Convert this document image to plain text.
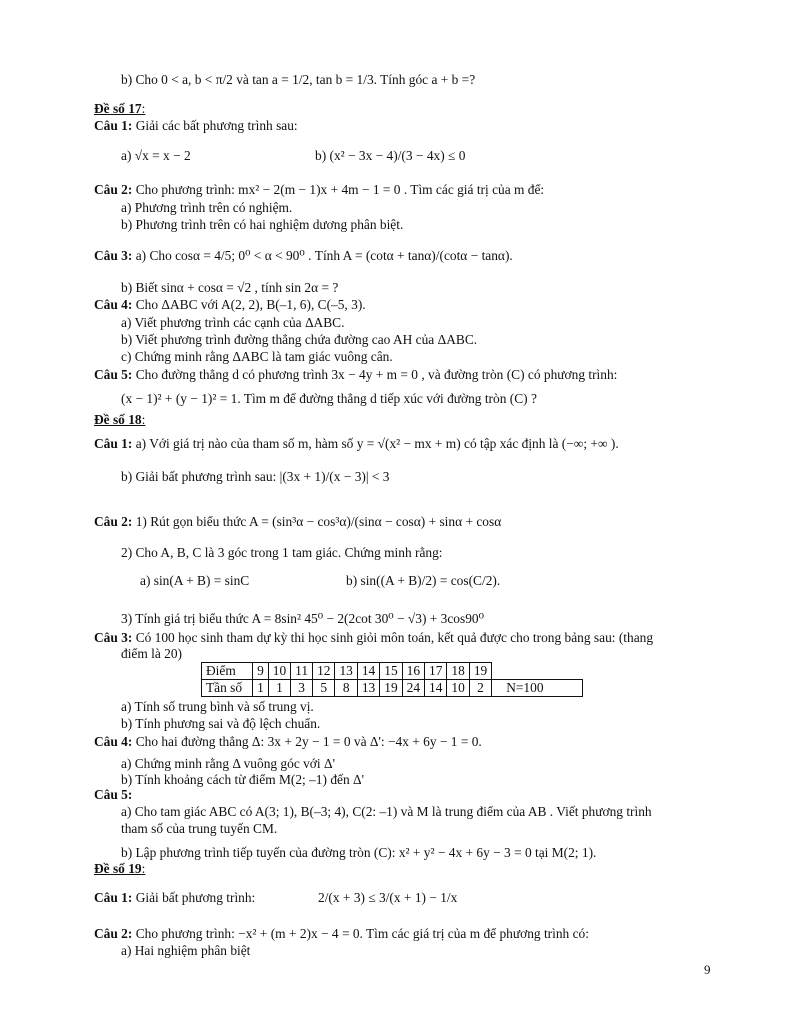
b) Cho 0 < a, b < π/2 và tan a = 1/2, tan b = 1/3. Tính góc a + b =?
Đề số 17:
Câu 1: Giải các bất phương trình sau:
a) √x = x − 2	b) (x² − 3x − 4)/(3 − 4x) ≤ 0
Câu 2: Cho phương trình: mx² − 2(m − 1)x + 4m − 1 = 0 . Tìm các giá trị của m để:
a) Phương trình trên có nghiệm.
b) Phương trình trên có hai nghiệm dương phân biệt.
Câu 3: a) Cho cosα = 4/5; 0⁰ < α < 90⁰ . Tính A = (cotα + tanα)/(cotα − tanα).
b) Biết sinα + cosα = √2 , tính sin 2α = ?
Câu 4: Cho ΔABC với A(2, 2), B(–1, 6), C(–5, 3).
a) Viết phương trình các cạnh của ΔABC.
b) Viết phương trình đường thẳng chứa đường cao AH của ΔABC.
c) Chứng minh rằng ΔABC là tam giác vuông cân.
Câu 5: Cho đường thẳng d có phương trình 3x − 4y + m = 0 , và đường tròn (C) có phương trình:
(x − 1)² + (y − 1)² = 1. Tìm m để đường thẳng d tiếp xúc với đường tròn (C) ?
Đề số 18:
Câu 1: a) Với giá trị nào của tham số m, hàm số y = √(x² − mx + m) có tập xác định là (−∞; +∞ ).
b) Giải bất phương trình sau: |(3x + 1)/(x − 3)| < 3
Câu 2: 1) Rút gọn biểu thức A = (sin³α − cos³α)/(sinα − cosα) + sinα + cosα
2) Cho A, B, C là 3 góc trong 1 tam giác. Chứng minh rằng:
a) sin(A + B) = sinC	b) sin((A + B)/2) = cos(C/2).
3) Tính giá trị biểu thức A = 8sin² 45⁰ − 2(2cot 30⁰ − √3) + 3cos90⁰
Câu 3: Có 100 học sinh tham dự kỳ thi học sinh giỏi môn toán, kết quả được cho trong bảng sau: (thang
điểm là 20)
Điểm	9	10	11	12	13	14	15	16	17	18	19	
Tần số	1	1	3	5	8	13	19	24	14	10	2	N=100
a) Tính số trung bình và số trung vị.
b) Tính phương sai và độ lệch chuẩn.
Câu 4: Cho hai đường thẳng Δ: 3x + 2y − 1 = 0 và Δ': −4x + 6y − 1 = 0.
a) Chứng minh rằng Δ vuông góc với Δ'
b) Tính khoảng cách từ điểm M(2; –1) đến Δ'
Câu 5:
a) Cho tam giác ABC có A(3; 1), B(–3; 4), C(2: –1) và M là trung điểm của AB . Viết phương trình
tham số của trung tuyến CM.
b) Lập phương trình tiếp tuyến của đường tròn (C): x² + y² − 4x + 6y − 3 = 0 tại M(2; 1).
Đề số 19:
Câu 1: Giải bất phương trình:	2/(x + 3) ≤ 3/(x + 1) − 1/x
Câu 2: Cho phương trình: −x² + (m + 2)x − 4 = 0. Tìm các giá trị của m để phương trình có:
a) Hai nghiệm phân biệt
9
